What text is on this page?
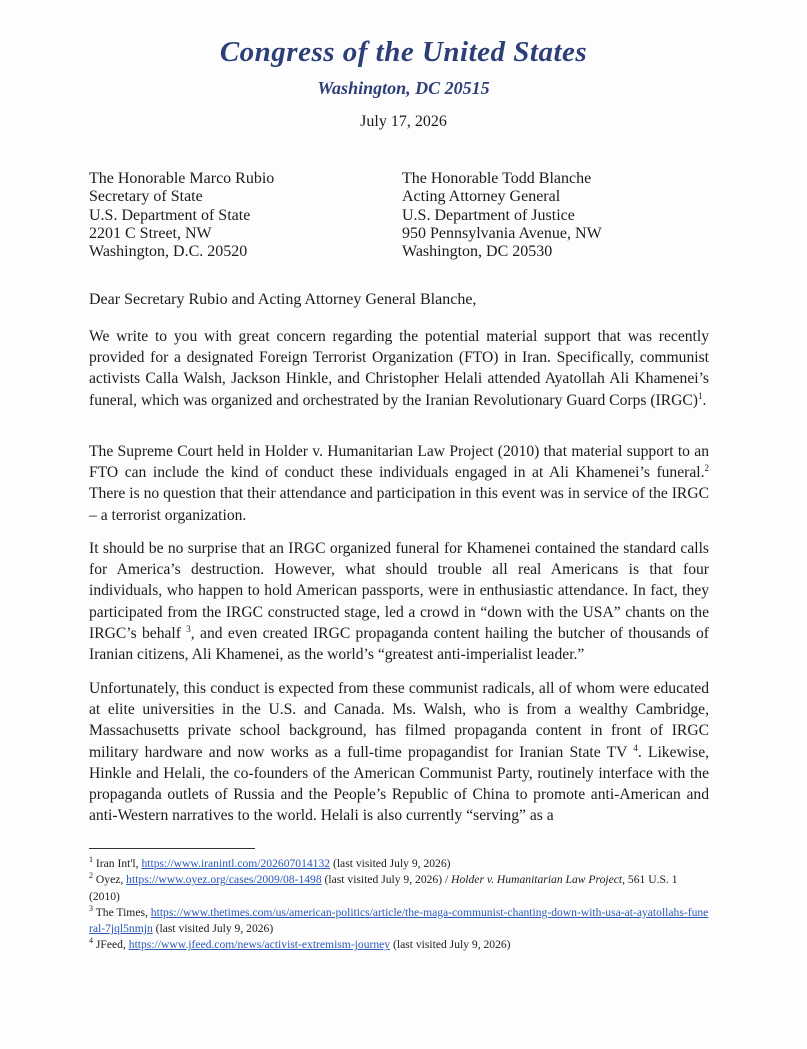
Congress of the United States
Washington, DC 20515
July 17, 2026
The Honorable Marco Rubio
Secretary of State
U.S. Department of State
2201 C Street, NW
Washington, D.C. 20520
The Honorable Todd Blanche
Acting Attorney General
U.S. Department of Justice
950 Pennsylvania Avenue, NW
Washington, DC 20530
Dear Secretary Rubio and Acting Attorney General Blanche,
We write to you with great concern regarding the potential material support that was recently provided for a designated Foreign Terrorist Organization (FTO) in Iran. Specifically, communist activists Calla Walsh, Jackson Hinkle, and Christopher Helali attended Ayatollah Ali Khamenei’s funeral, which was organized and orchestrated by the Iranian Revolutionary Guard Corps (IRGC)$^1$.
The Supreme Court held in Holder v. Humanitarian Law Project (2010) that material support to an FTO can include the kind of conduct these individuals engaged in at Ali Khamenei’s funeral.$^2$ There is no question that their attendance and participation in this event was in service of the IRGC – a terrorist organization.
It should be no surprise that an IRGC organized funeral for Khamenei contained the standard calls for America’s destruction. However, what should trouble all real Americans is that four individuals, who happen to hold American passports, were in enthusiastic attendance. In fact, they participated from the IRGC constructed stage, led a crowd in “down with the USA” chants on the IRGC’s behalf $^3$, and even created IRGC propaganda content hailing the butcher of thousands of Iranian citizens, Ali Khamenei, as the world’s “greatest anti-imperialist leader.”
Unfortunately, this conduct is expected from these communist radicals, all of whom were educated at elite universities in the U.S. and Canada. Ms. Walsh, who is from a wealthy Cambridge, Massachusetts private school background, has filmed propaganda content in front of IRGC military hardware and now works as a full-time propagandist for Iranian State TV $^4$. Likewise, Hinkle and Helali, the co-founders of the American Communist Party, routinely interface with the propaganda outlets of Russia and the People’s Republic of China to promote anti-American and anti-Western narratives to the world. Helali is also currently “serving” as a
$^1$ Iran Int'l, https://www.iranintl.com/202607014132 (last visited July 9, 2026)
$^2$ Oyez, https://www.oyez.org/cases/2009/08-1498 (last visited July 9, 2026) / Holder v. Humanitarian Law Project, 561 U.S. 1 (2010)
$^3$ The Times, https://www.thetimes.com/us/american-politics/article/the-maga-communist-chanting-down-with-usa-at-ayatollahs-funeral-7jql5nmjn (last visited July 9, 2026)
$^4$ JFeed, https://www.jfeed.com/news/activist-extremism-journey (last visited July 9, 2026)
